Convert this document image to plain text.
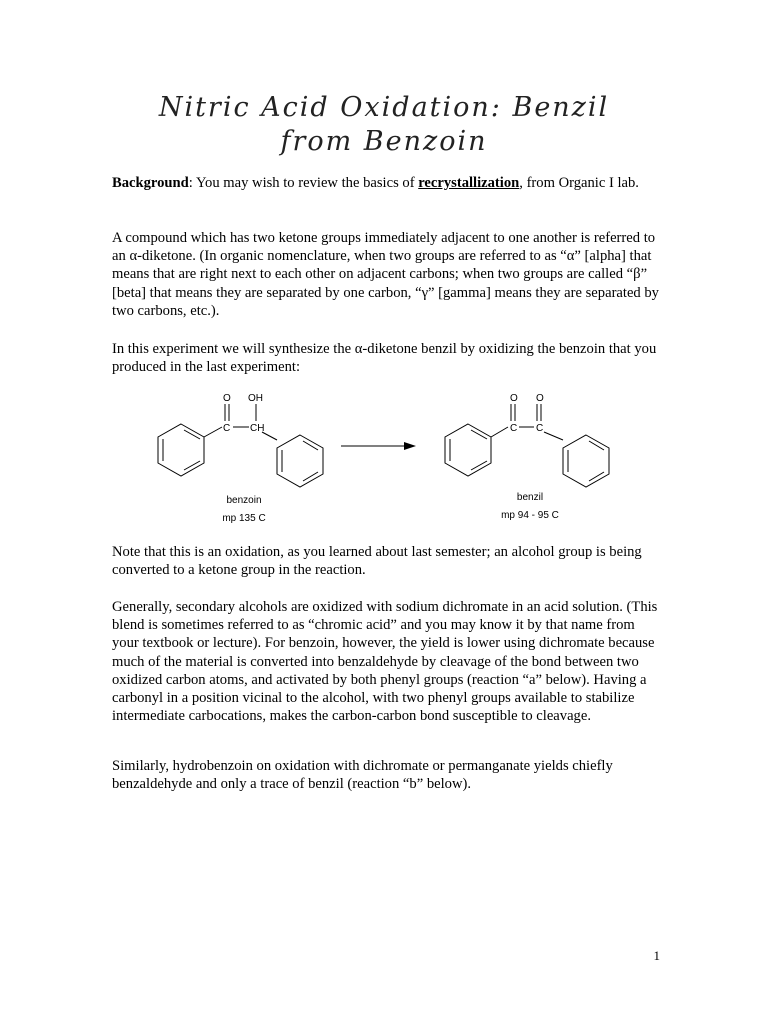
Nitric Acid Oxidation: Benzil
from Benzoin

Background: You may wish to review the basics of recrystallization, from Organic I lab.

A compound which has two ketone groups immediately adjacent to one another is referred to an α-diketone. (In organic nomenclature, when two groups are referred to as “α” [alpha] that means that are right next to each other on adjacent carbons; when two groups are called “β” [beta] that means they are separated by one carbon, “γ” [gamma] means they are separated by two carbons, etc.).

In this experiment we will synthesize the α-diketone benzil by oxidizing the benzoin that you produced in the last experiment:

O OH
C CH
O O
C C
benzoin
mp 135 C
benzil
mp 94 - 95 C

Note that this is an oxidation, as you learned about last semester; an alcohol group is being converted to a ketone group in the reaction.

Generally, secondary alcohols are oxidized with sodium dichromate in an acid solution. (This blend is sometimes referred to as “chromic acid” and you may know it by that name from your textbook or lecture). For benzoin, however, the yield is lower using dichromate because much of the material is converted into benzaldehyde by cleavage of the bond between two oxidized carbon atoms, and activated by both phenyl groups (reaction “a” below). Having a carbonyl in a position vicinal to the alcohol, with two phenyl groups available to stabilize intermediate carbocations, makes the carbon-carbon bond susceptible to cleavage.

Similarly, hydrobenzoin on oxidation with dichromate or permanganate yields chiefly benzaldehyde and only a trace of benzil (reaction “b” below).

1
